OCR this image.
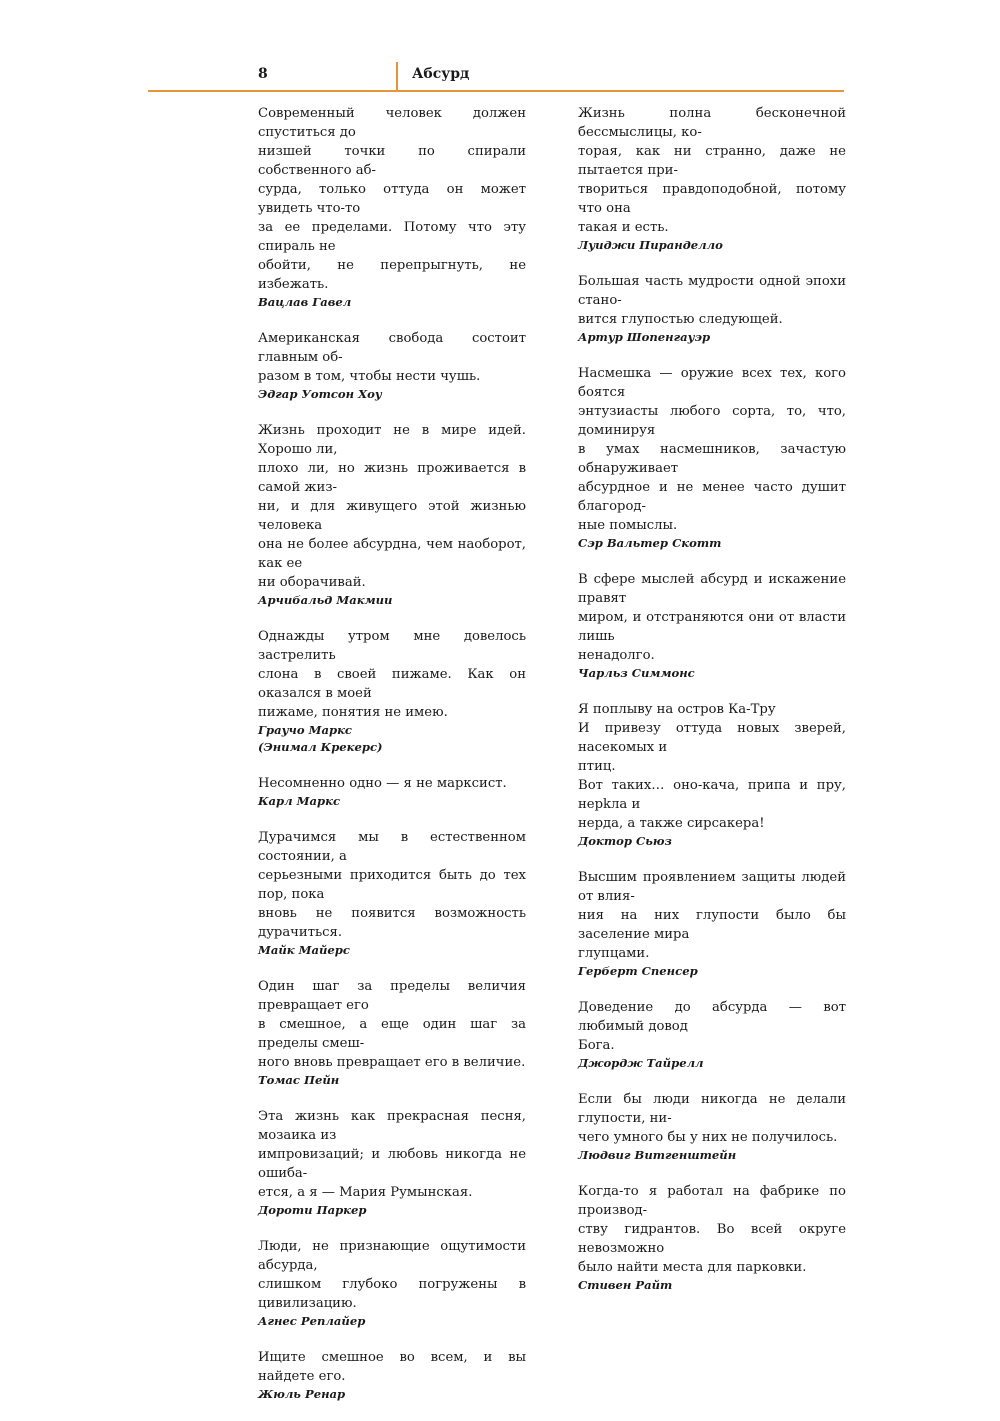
8	Абсурд

Современный человек должен спуститься до
низшей точки по спирали собственного аб-
сурда, только оттуда он может увидеть что-то
за ее пределами. Потому что эту спираль не
обойти, не перепрыгнуть, не избежать.

Вацлав Гавел

Американская свобода состоит главным об-
разом в том, чтобы нести чушь.

Эдгар Уотсон Хоу

Жизнь проходит не в мире идей. Хорошо ли,
плохо ли, но жизнь проживается в самой жиз-
ни, и для живущего этой жизнью человека
она не более абсурдна, чем наоборот, как ее
ни оборачивай.

Арчибальд Макмии

Однажды утром мне довелось застрелить
слона в своей пижаме. Как он оказался в моей
пижаме, понятия не имею.

Граучо Маркс

(Энимал Крекерс)

Несомненно одно — я не марксист.

Карл Маркс

Дурачимся мы в естественном состоянии, а
серьезными приходится быть до тех пор, пока
вновь не появится возможность дурачиться.

Майк Майерс

Один шаг за пределы величия превращает его
в смешное, а еще один шаг за пределы смеш-
ного вновь превращает его в величие.

Томас Пейн

Эта жизнь как прекрасная песня, мозаика из
импровизаций; и любовь никогда не ошиба-
ется, а я — Мария Румынская.

Дороти Паркер

Люди, не признающие ощутимости абсурда,
слишком глубоко погружены в цивилизацию.

Агнес Реплайер

Ищите смешное во всем, и вы найдете его.

Жюль Ренар

Жизнь полна бесконечной бессмыслицы, ко-
торая, как ни странно, даже не пытается при-
твориться правдоподобной, потому что она
такая и есть.

Луиджи Пиранделло

Большая часть мудрости одной эпохи стано-
вится глупостью следующей.

Артур Шопенгауэр

Насмешка — оружие всех тех, кого боятся
энтузиасты любого сорта, то, что, доминируя
в умах насмешников, зачастую обнаруживает
абсурдное и не менее часто душит благород-
ные помыслы.

Сэр Вальтер Скотт

В сфере мыслей абсурд и искажение правят
миром, и отстраняются они от власти лишь
ненадолго.

Чарльз Симмонс

Я поплыву на остров Ка-Тру
И привезу оттуда новых зверей, насекомых и
птиц.
Вот таких… оно-кача, припа и пру, нерkла и
нерда, а также сирсакера!

Доктор Сьюз

Высшим проявлением защиты людей от влия-
ния на них глупости было бы заселение мира
глупцами.

Герберт Спенсер

Доведение до абсурда — вот любимый довод
Бога.

Джордж Тайрелл

Если бы люди никогда не делали глупости, ни-
чего умного бы у них не получилось.

Людвиг Витгенштейн

Когда-то я работал на фабрике по производ-
ству гидрантов. Во всей округе невозможно
было найти места для парковки.

Стивен Райт
